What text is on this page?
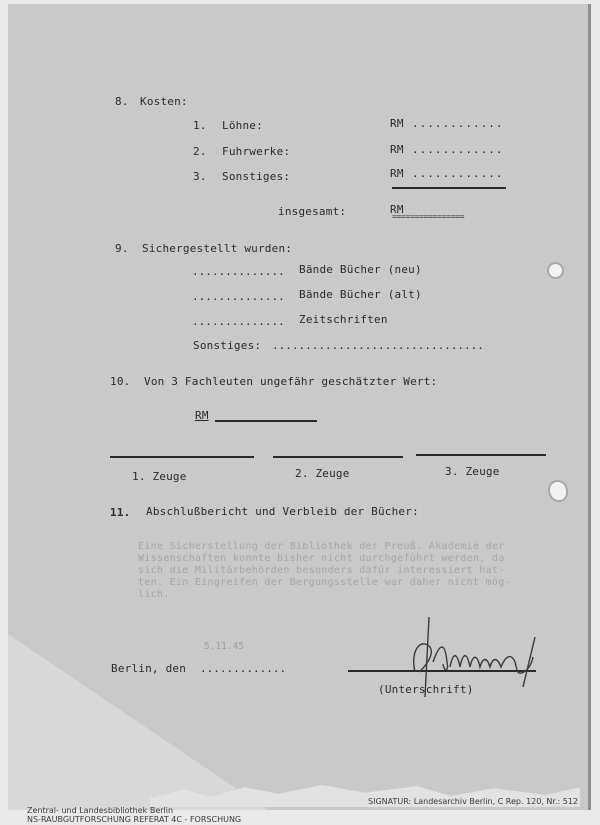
8. Kosten:
1. Löhne:	RM ............
2. Fuhrwerke:	RM ............
3. Sonstiges:	RM ............
insgesamt:	RM
================
9. Sichergestellt wurden:
.............. Bände Bücher (neu)
.............. Bände Bücher (alt)
.............. Zeitschriften
Sonstiges: ................................
10. Von 3 Fachleuten ungefähr geschätzter Wert:
RM
1. Zeuge	2. Zeuge	3. Zeuge
11. Abschlußbericht und Verbleib der Bücher:

Eine Sicherstellung der Bibliothek der Preuß. Akademie der
Wissenschaften konnte bisher nicht durchgeführt werden, da
sich die Militärbehörden besonders dafür interessiert hat-
ten. Ein Eingreifen der Bergungsstelle war daher nicht mög-
lich.
5.11.45
Berlin, den .............
(Unterschrift)

Zentral- und Landesbibliothek Berlin
NS-RAUBGUTFORSCHUNG REFERAT 4C - FORSCHUNG
SIGNATUR: Landesarchiv Berlin, C Rep. 120, Nr.: 512
